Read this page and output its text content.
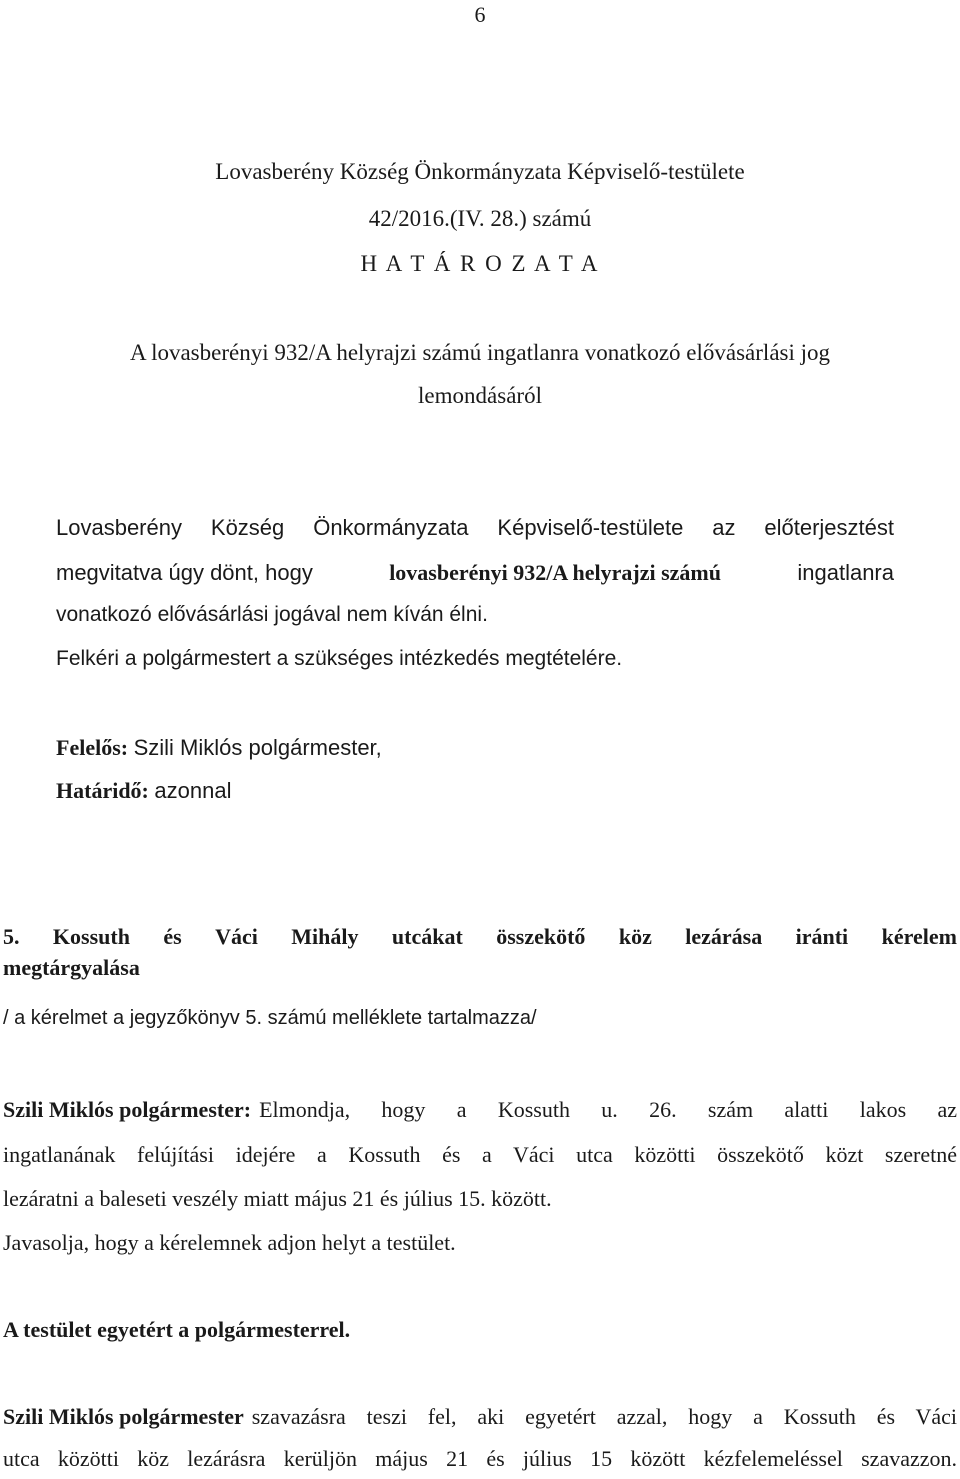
6
Lovasberény Község Önkormányzata Képviselő-testülete
42/2016.(IV. 28.) számú
H A T Á R O Z A T A
A lovasberényi 932/A helyrajzi számú ingatlanra vonatkozó elővásárlási jog
lemondásáról
Lovasberény Község Önkormányzata Képviselő-testülete az előterjesztést
megvitatva úgy dönt, hogy	lovasberényi 932/A helyrajzi számú	ingatlanra
vonatkozó elővásárlási jogával nem kíván élni.
Felkéri a polgármestert a szükséges intézkedés megtételére.
Felelős: Szili Miklós polgármester,
Határidő: azonnal
5. Kossuth és Váci Mihály utcákat összekötő köz lezárása iránti kérelem
megtárgyalása
/ a kérelmet a jegyzőkönyv 5. számú melléklete tartalmazza/
Szili Miklós polgármester: Elmondja, hogy a Kossuth u. 26. szám alatti lakos az
ingatlanának felújítási idejére a Kossuth és a Váci utca közötti összekötő közt szeretné
lezáratni a baleseti veszély miatt május 21 és július 15. között.
Javasolja, hogy a kérelemnek adjon helyt a testület.
A testület egyetért a polgármesterrel.
Szili Miklós polgármester szavazásra teszi fel, aki egyetért azzal, hogy a Kossuth és Váci
utca közötti köz lezárásra kerüljön május 21 és július 15 között kézfelemeléssel szavazzon.
